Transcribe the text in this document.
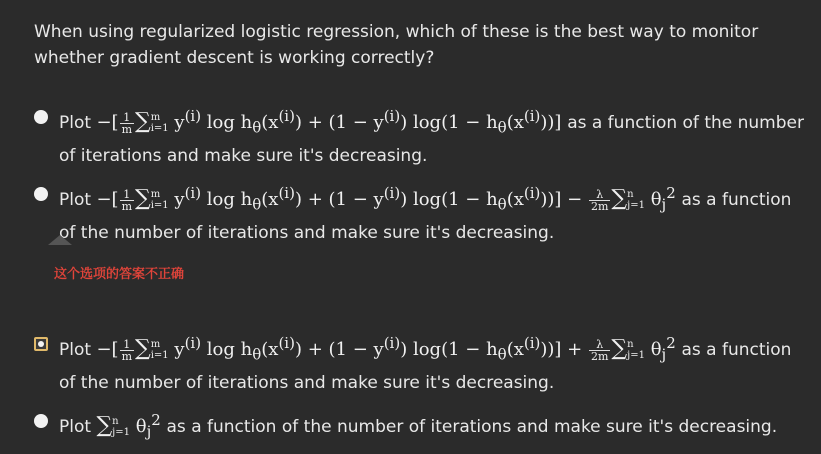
When using regularized logistic regression, which of these is the best way to monitor whether gradient descent is working correctly?
Plot −[ $\frac{1}{m}$ ∑ m
i=1 $y^{(i)}$ $\log h_\theta(x^{(i)}) + (1 - y^{(i)}) \log(1 - h_\theta(x^{(i)}))$] as a function of the number of iterations and make sure it's decreasing.
Plot −[ $\frac{1}{m}$ ∑ m
i=1 $y^{(i)}$ $\log h_\theta(x^{(i)}) + (1 - y^{(i)}) \log(1 - h_\theta(x^{(i)}))] - \frac{\lambda}{2m}$ ∑ n
j=1 $\theta_j^2$ as a function of the number of iterations and make sure it's decreasing.
这个选项的答案不正确
Plot −[ $\frac{1}{m}$ ∑ m
i=1 $y^{(i)}$ $\log h_\theta(x^{(i)}) + (1 - y^{(i)}) \log(1 - h_\theta(x^{(i)}))] + \frac{\lambda}{2m}$ ∑ n
j=1 $\theta_j^2$ as a function of the number of iterations and make sure it's decreasing.
Plot ∑ n
j=1 $\theta_j^2$ as a function of the number of iterations and make sure it's decreasing.
